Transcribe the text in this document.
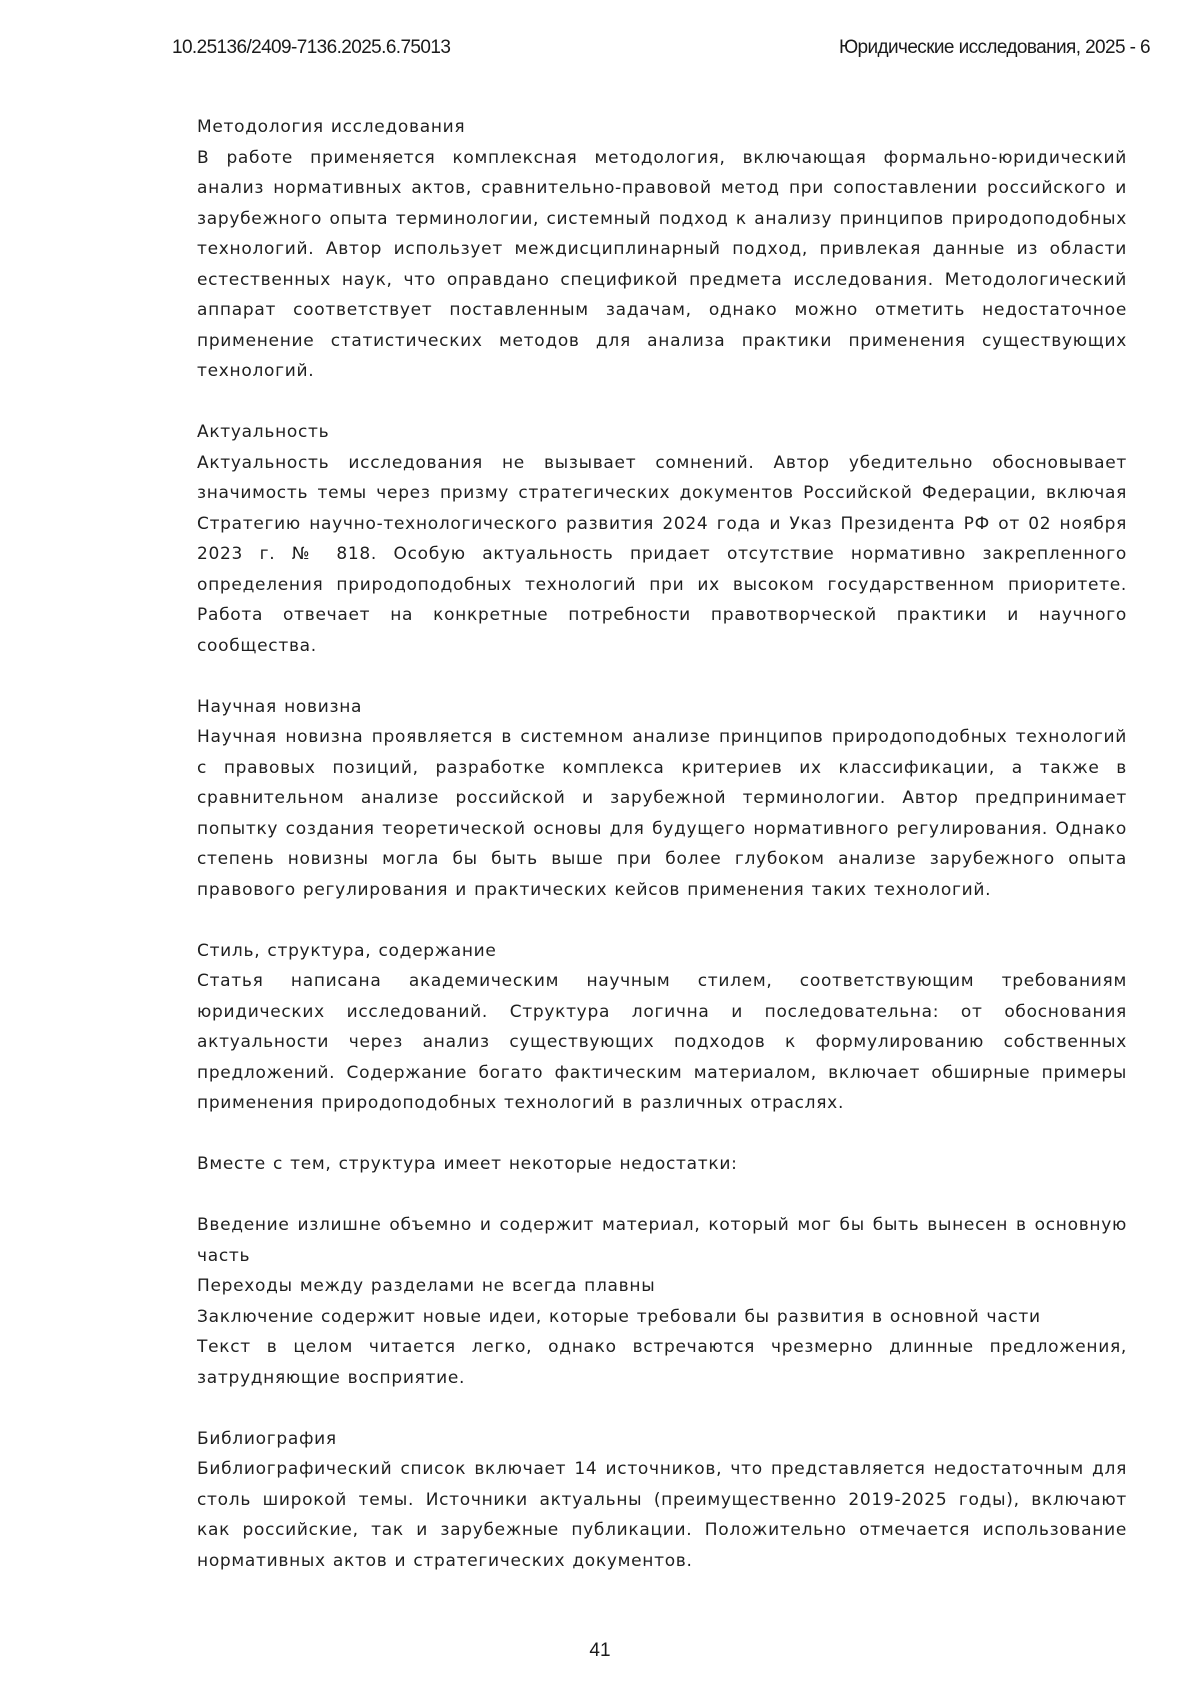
10.25136/2409-7136.2025.6.75013	Юридические исследования, 2025 - 6

Методология исследования

В работе применяется комплексная методология, включающая формально-юридический анализ нормативных актов, сравнительно-правовой метод при сопоставлении российского и зарубежного опыта терминологии, системный подход к анализу принципов природоподобных технологий. Автор использует междисциплинарный подход, привлекая данные из области естественных наук, что оправдано спецификой предмета исследования. Методологический аппарат соответствует поставленным задачам, однако можно отметить недостаточное применение статистических методов для анализа практики применения существующих технологий.

Актуальность

Актуальность исследования не вызывает сомнений. Автор убедительно обосновывает значимость темы через призму стратегических документов Российской Федерации, включая Стратегию научно-технологического развития 2024 года и Указ Президента РФ от 02 ноября 2023 г. № 818. Особую актуальность придает отсутствие нормативно закрепленного определения природоподобных технологий при их высоком государственном приоритете. Работа отвечает на конкретные потребности правотворческой практики и научного сообщества.

Научная новизна

Научная новизна проявляется в системном анализе принципов природоподобных технологий с правовых позиций, разработке комплекса критериев их классификации, а также в сравнительном анализе российской и зарубежной терминологии. Автор предпринимает попытку создания теоретической основы для будущего нормативного регулирования. Однако степень новизны могла бы быть выше при более глубоком анализе зарубежного опыта правового регулирования и практических кейсов применения таких технологий.

Стиль, структура, содержание

Статья написана академическим научным стилем, соответствующим требованиям юридических исследований. Структура логична и последовательна: от обоснования актуальности через анализ существующих подходов к формулированию собственных предложений. Содержание богато фактическим материалом, включает обширные примеры применения природоподобных технологий в различных отраслях.

Вместе с тем, структура имеет некоторые недостатки:

Введение излишне объемно и содержит материал, который мог бы быть вынесен в основную часть
Переходы между разделами не всегда плавны
Заключение содержит новые идеи, которые требовали бы развития в основной части
Текст в целом читается легко, однако встречаются чрезмерно длинные предложения, затрудняющие восприятие.

Библиография

Библиографический список включает 14 источников, что представляется недостаточным для столь широкой темы. Источники актуальны (преимущественно 2019-2025 годы), включают как российские, так и зарубежные публикации. Положительно отмечается использование нормативных актов и стратегических документов.

41
